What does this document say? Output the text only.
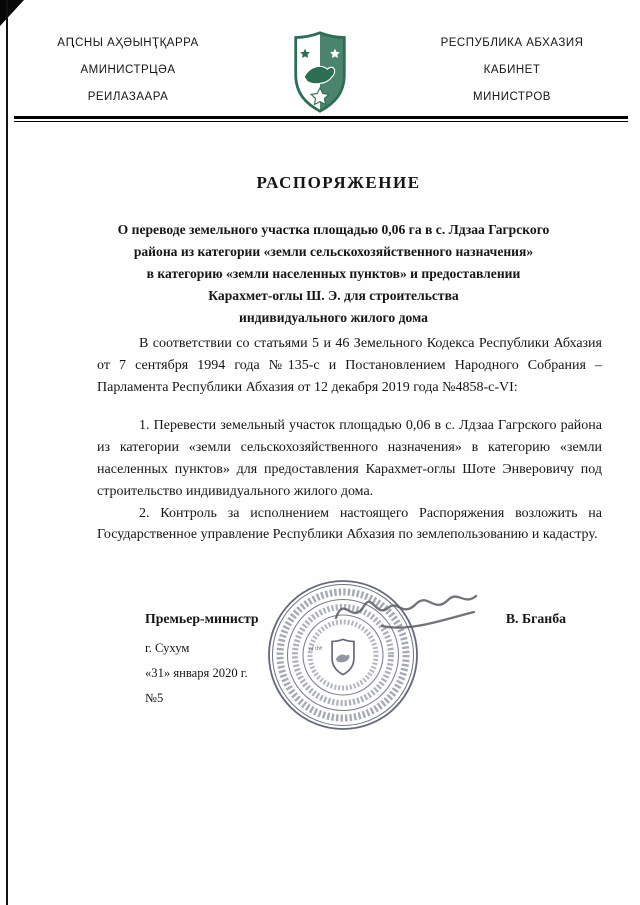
АԤСНЫ АҲӘЫНҬҚАРРА
АМИНИСТРЦӘА
РЕИЛАЗААРА
РЕСПУБЛИКА АБХАЗИЯ
КАБИНЕТ
МИНИСТРОВ
РАСПОРЯЖЕНИЕ
О переводе земельного участка площадью 0,06 га в с. Лдзаа Гагрского
района из категории «земли сельскохозяйственного назначения»
в категорию «земли населенных пунктов» и предоставлении
Карахмет-оглы Ш. Э. для строительства
индивидуального жилого дома

В соответствии со статьями 5 и 46 Земельного Кодекса Республики Абхазия от 7 сентября 1994 года №135-с и Постановлением Народного Собрания – Парламента Республики Абхазия от 12 декабря 2019 года №4858-с-VI:

1. Перевести земельный участок площадью 0,06 в с. Лдзаа Гагрского района из категории «земли сельскохозяйственного назначения» в категорию «земли населенных пунктов» для предоставления Карахмет-оглы Шоте Энверовичу под строительство индивидуального жилого дома.

2. Контроль за исполнением настоящего Распоряжения возложить на Государственное управление Республики Абхазия по землепользованию и кадастру.

Премьер-министр	В. Бганба
г. Сухум
«31» января 2020 г.
№5
of the
